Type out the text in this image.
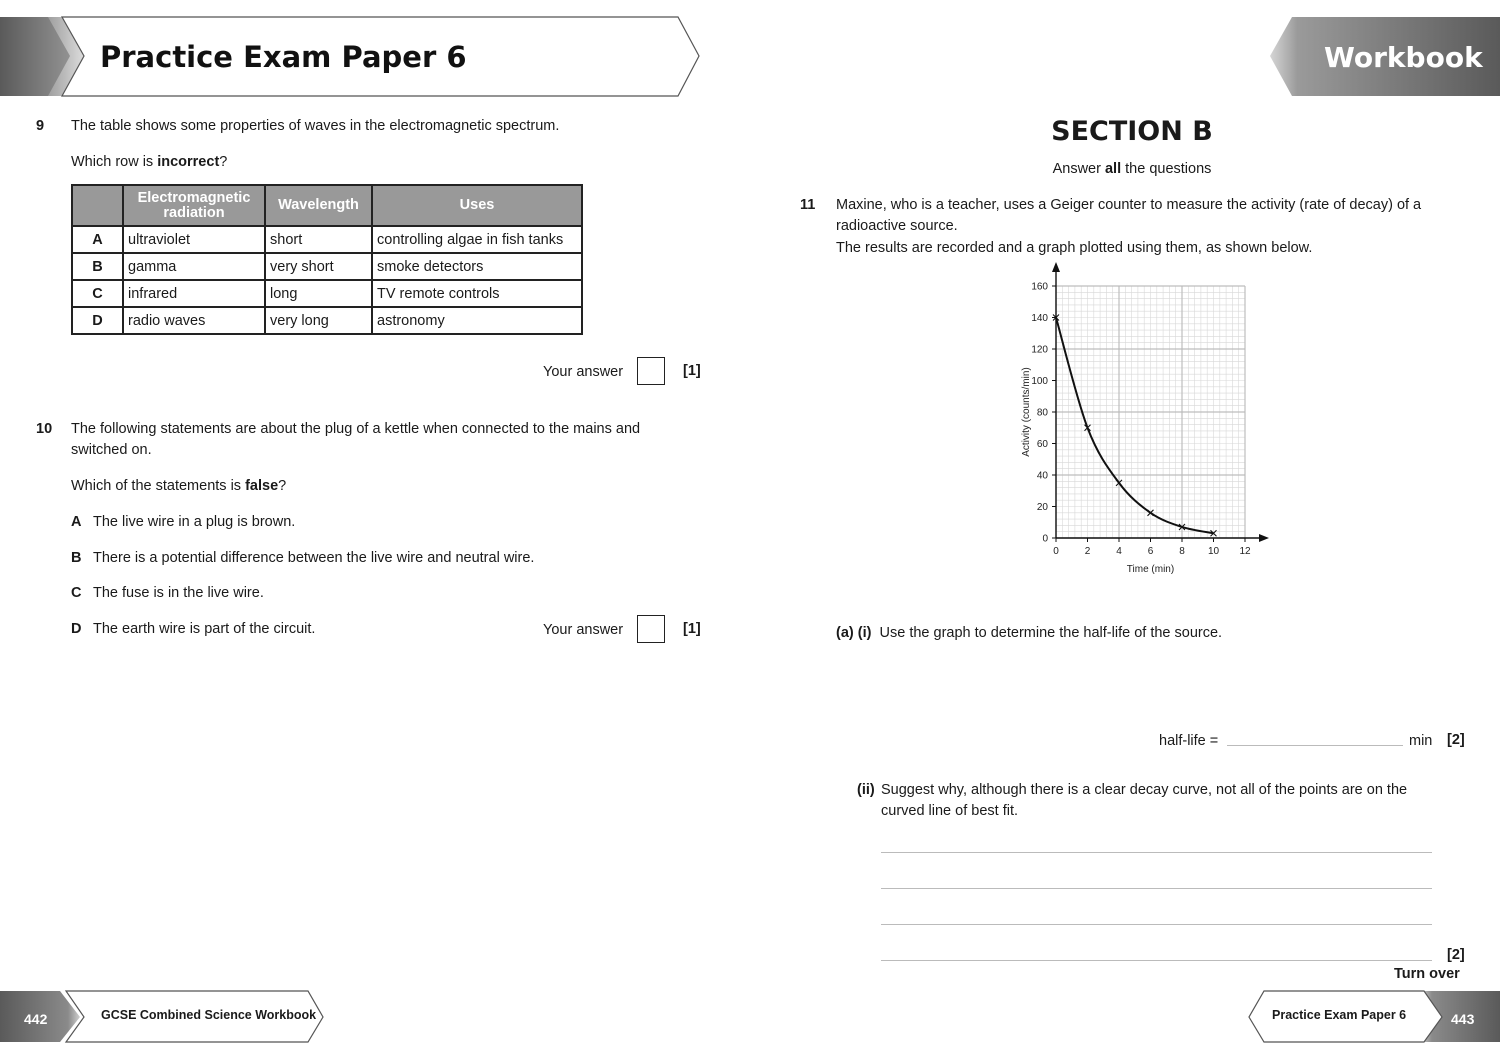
Practice Exam Paper 6	Workbook
9 The table shows some properties of waves in the electromagnetic spectrum.
Which row is incorrect?
	Electromagnetic radiation	Wavelength	Uses
A	ultraviolet	short	controlling algae in fish tanks
B	gamma	very short	smoke detectors
C	infrared	long	TV remote controls
D	radio waves	very long	astronomy
Your answer	[1]
10 The following statements are about the plug of a kettle when connected to the mains and switched on.
Which of the statements is false?
A The live wire in a plug is brown.
B There is a potential difference between the live wire and neutral wire.
C The fuse is in the live wire.
D The earth wire is part of the circuit.	Your answer	[1]
SECTION B
Answer all the questions
11 Maxine, who is a teacher, uses a Geiger counter to measure the activity (rate of decay) of a radioactive source.
The results are recorded and a graph plotted using them, as shown below.
0	2	4	6	8 10 12
0
20
40
60
80
100
120
140
160
Time (min)
Activity (counts/min)
(a) (i) Use the graph to determine the half-life of the source.
half-life =	min [2]
(ii) Suggest why, although there is a clear decay curve, not all of the points are on the curved line of best fit.
[2]
Turn over
442	GCSE Combined Science Workbook	Practice Exam Paper 6	443
